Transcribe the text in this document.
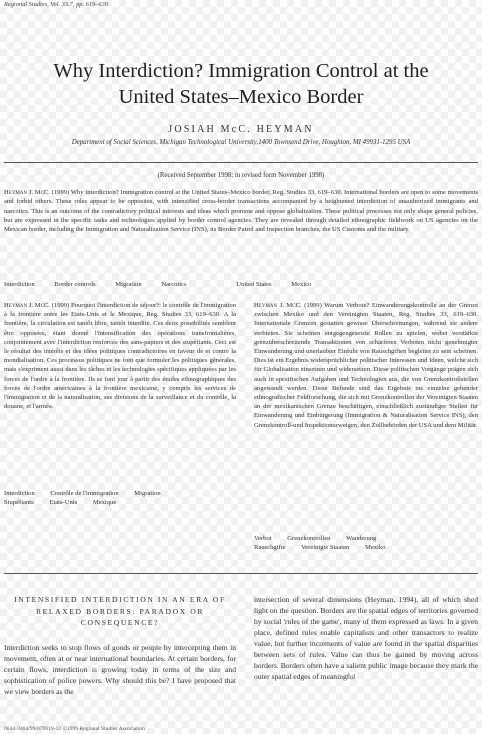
Regional Studies, Vol. 33.7, pp. 619–630
Why Interdiction? Immigration Control at the
United States–Mexico Border
JOSIAH McC. HEYMAN
Department of Social Sciences, Michigan Technological University,1400 Townsend Drive, Houghton, MI 49931-1295 USA
(Received September 1998; in revised form November 1998)
Heyman J. McC. (1999) Why interdiction? Immigration control at the United States–Mexico border, Reg. Studies 33, 619–630. International borders are open to some movements and forbid others. These roles appear to be opposites, with intensified cross-border transactions accompanied by a heightened interdiction of unauthorized immigrants and narcotics. This is an outcome of the contradictory political interests and ideas which promote and oppose globalization. These political processes not only shape general policies, but are expressed in the specific tasks and technologies applied by border control agencies. They are revealed through detailed ethnographic fieldwork on US agencies on the Mexican border, including the Immigration and Naturalization Service (INS), its Border Patrol and Inspection branches, the US Customs and the military.
Interdiction	Border controls	Migration	Narcotics	United States	Mexico
Heyman J. McC. (1999) Pourquoi l'interdiction de séjour?: le contrôle de l'immigration à la frontière entre les Etats-Unis et le Mexique, Reg. Studies 33, 619–630. A la frontière, la circulation est tantôt libre, tantôt interdite. Ces deux possibilités semblent être opposées, étant donné l'intensification des opérations transfrontalières, conjointement avec l'interdiction renforcée des sans-papiers et des stupéfiants. Ceci est le résultat des intérêts et des idées politiques contradictoires en faveur de et contre la mondialisation. Ces processus politiques ne font que formuler les politiques générales, mais s'expriment aussi dans les tâches et les technologies spécifiques appliquées par les forces de l'ordre à la frontière. Ils se font jour à partir des études ethnographiques des forces de l'ordre américaines à la frontière mexicaine, y compris les services de l'immigration et de la naturalisation, ses divisions de la surveillance et du contrôle, la douane, et l'armée.
Interdiction Contrôle de l'immigration Migration
Stupéfiants Etats-Unis Mexique
Heyman J. McC. (1999) Warum Verbote? Einwanderungskontrolle an der Grenze zwischen Mexiko und den Vereinigten Staaten, Reg. Studies 33, 619–630. Internationale Grenzen gestatten gewisse Überschreitungen, während sie andere verbieten. Sie scheinen entgegengesetzte Rollen zu spielen, wobei verstärkte grenzüberschreitende Transaktionen von schärferen Verboten nicht genehmigter Einwanderung und unerlaubter Einfuhr von Rauschgiften begleitet zu sein scheinen. Dies ist ein Ergebnis widersprüchlicher politischer Interessen und Ideen, welche sich für Globalisation einsetzen und widersetzen. Diese politischen Vorgänge prägen sich auch in spezifischen Aufgaben und Technologien aus, die von Grenzkontrollstellen angewandt werden. Diese Befunde sind das Ergebnis ins einzelne gehender ethnografischer Feldforschung, die sich mit Grenzkontrollen der Vereinigten Staaten an der mexikanischen Grenze beschäftigen, einschließlich zuständiger Stellen für Einwanderung und Einbürgerung (Immigration & Naturalisation Service INS), den Grenzkontroll-und Inspektionszweigen, den Zollbehörden der USA und dem Militär.
Verbot Grenzkontrollen Wanderung
Rauschgifte Vereinigte Staaten Mexiko
INTENSIFIED INTERDICTION IN AN ERA OF RELAXED BORDERS: PARADOX OR CONSEQUENCE?
Interdiction seeks to stop flows of goods or people by intercepting them in movement, often at or near international boundaries. At certain borders, for certain flows, interdiction is growing today in terms of the size and sophistication of police powers. Why should this be? I have proposed that we view borders as the
intersection of several dimensions (Heyman, 1994), all of which shed light on the question. Borders are the spatial edges of territories governed by social 'rules of the game', many of them expressed as laws. In a given place, defined rules enable capitalists and other transactors to realize value, but further increments of value are found in the spatial disparities between sets of rules. Value can thus be gained by moving across borders. Borders often have a salient public image because they mark the outer spatial edges of meaningful
0034-3404/99/070619-12 ©1999 Regional Studies Association
